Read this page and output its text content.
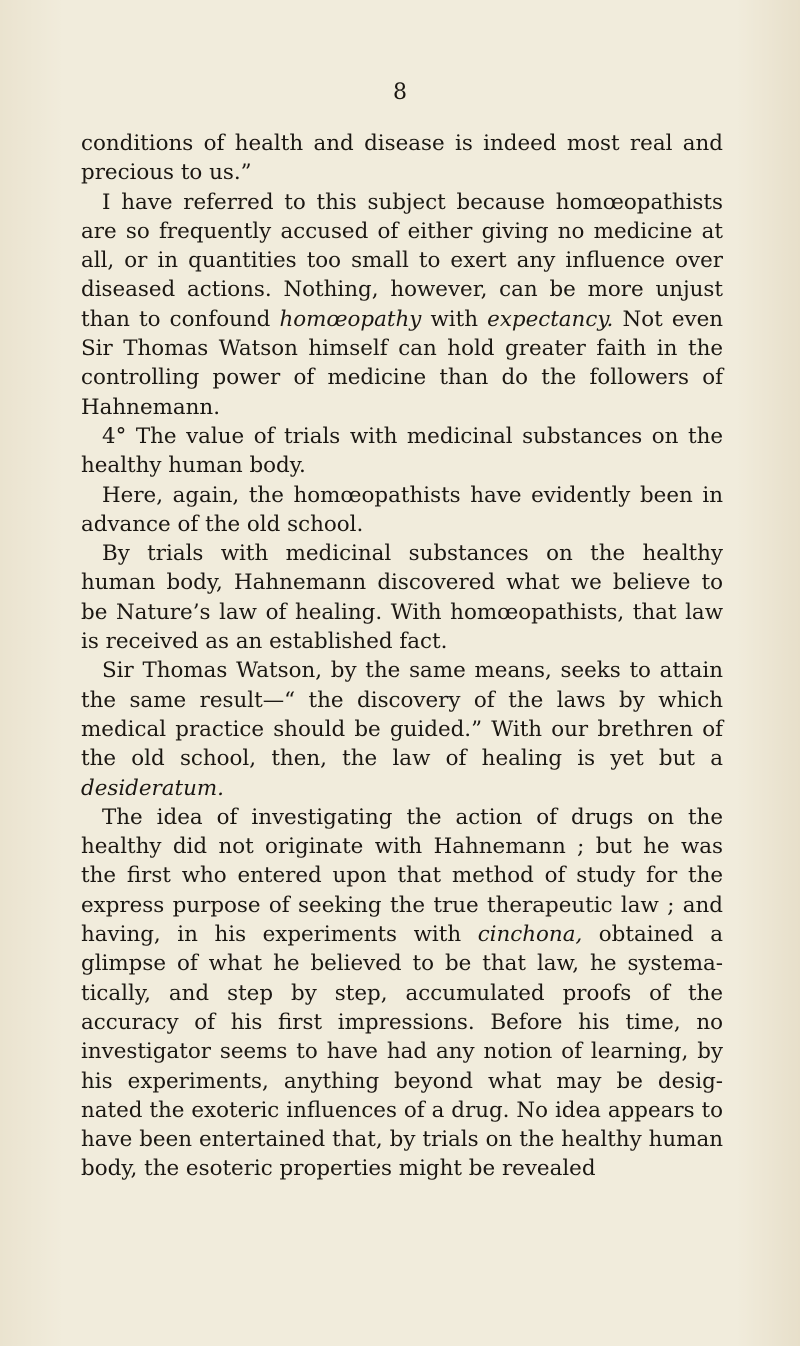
8

conditions of health and disease is indeed most real and precious to us.”

I have referred to this subject because homœopathists are so frequently accused of either giving no medicine at all, or in quantities too small to exert any influence over diseased actions. Nothing, however, can be more unjust than to confound homœopathy with expectancy. Not even Sir Thomas Watson himself can hold greater faith in the controlling power of medicine than do the followers of Hahnemann.

4° The value of trials with medicinal substances on the healthy human body.

Here, again, the homœopathists have evidently been in advance of the old school.

By trials with medicinal substances on the healthy human body, Hahnemann discovered what we believe to be Nature’s law of healing. With homœopathists, that law is received as an established fact.

Sir Thomas Watson, by the same means, seeks to attain the same result—“ the discovery of the laws by which medical practice should be guided.” With our brethren of the old school, then, the law of healing is yet but a desideratum.

The idea of investigating the action of drugs on the healthy did not originate with Hahnemann ; but he was the first who entered upon that method of study for the express purpose of seeking the true therapeutic law ; and having, in his experiments with cinchona, obtained a glimpse of what he believed to be that law, he systema- tically, and step by step, accumulated proofs of the accuracy of his first impressions. Before his time, no investigator seems to have had any notion of learning, by his experiments, anything beyond what may be desig- nated the exoteric influences of a drug. No idea appears to have been entertained that, by trials on the healthy human body, the esoteric properties might be revealed
